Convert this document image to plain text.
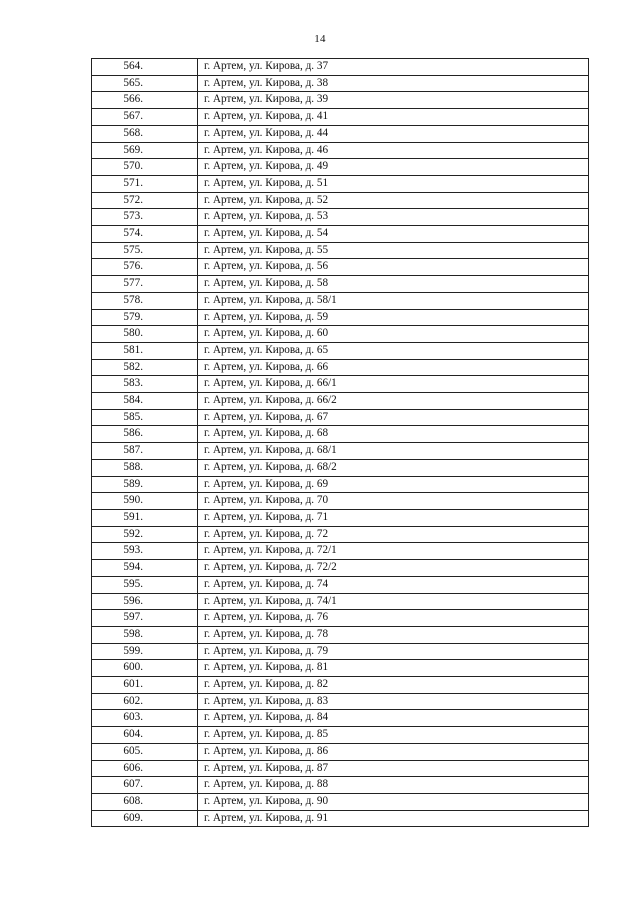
14
564.	г. Артем, ул. Кирова, д. 37
565.	г. Артем, ул. Кирова, д. 38
566.	г. Артем, ул. Кирова, д. 39
567.	г. Артем, ул. Кирова, д. 41
568.	г. Артем, ул. Кирова, д. 44
569.	г. Артем, ул. Кирова, д. 46
570.	г. Артем, ул. Кирова, д. 49
571.	г. Артем, ул. Кирова, д. 51
572.	г. Артем, ул. Кирова, д. 52
573.	г. Артем, ул. Кирова, д. 53
574.	г. Артем, ул. Кирова, д. 54
575.	г. Артем, ул. Кирова, д. 55
576.	г. Артем, ул. Кирова, д. 56
577.	г. Артем, ул. Кирова, д. 58
578.	г. Артем, ул. Кирова, д. 58/1
579.	г. Артем, ул. Кирова, д. 59
580.	г. Артем, ул. Кирова, д. 60
581.	г. Артем, ул. Кирова, д. 65
582.	г. Артем, ул. Кирова, д. 66
583.	г. Артем, ул. Кирова, д. 66/1
584.	г. Артем, ул. Кирова, д. 66/2
585.	г. Артем, ул. Кирова, д. 67
586.	г. Артем, ул. Кирова, д. 68
587.	г. Артем, ул. Кирова, д. 68/1
588.	г. Артем, ул. Кирова, д. 68/2
589.	г. Артем, ул. Кирова, д. 69
590.	г. Артем, ул. Кирова, д. 70
591.	г. Артем, ул. Кирова, д. 71
592.	г. Артем, ул. Кирова, д. 72
593.	г. Артем, ул. Кирова, д. 72/1
594.	г. Артем, ул. Кирова, д. 72/2
595.	г. Артем, ул. Кирова, д. 74
596.	г. Артем, ул. Кирова, д. 74/1
597.	г. Артем, ул. Кирова, д. 76
598.	г. Артем, ул. Кирова, д. 78
599.	г. Артем, ул. Кирова, д. 79
600.	г. Артем, ул. Кирова, д. 81
601.	г. Артем, ул. Кирова, д. 82
602.	г. Артем, ул. Кирова, д. 83
603.	г. Артем, ул. Кирова, д. 84
604.	г. Артем, ул. Кирова, д. 85
605.	г. Артем, ул. Кирова, д. 86
606.	г. Артем, ул. Кирова, д. 87
607.	г. Артем, ул. Кирова, д. 88
608.	г. Артем, ул. Кирова, д. 90
609.	г. Артем, ул. Кирова, д. 91
